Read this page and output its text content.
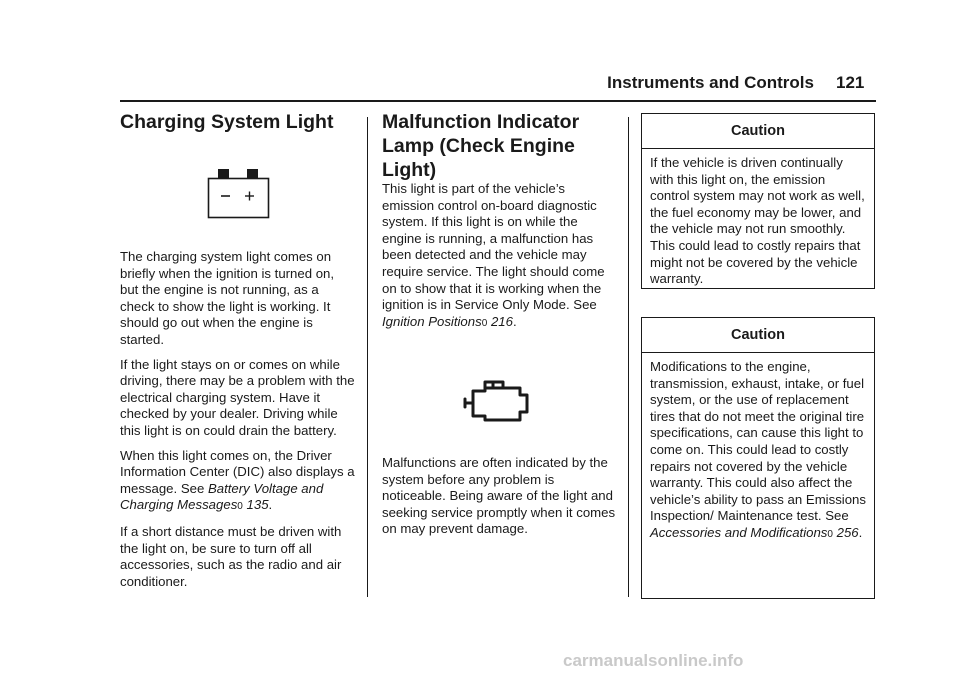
Instruments and Controls 121
Charging System Light

The charging system light comes on briefly when the ignition is turned on, but the engine is not running, as a check to show the light is working. It should go out when the engine is started.

If the light stays on or comes on while driving, there may be a problem with the electrical charging system. Have it checked by your dealer. Driving while this light is on could drain the battery.

When this light comes on, the Driver Information Center (DIC) also displays a message. See Battery Voltage and Charging Messages0 135.

If a short distance must be driven with the light on, be sure to turn off all accessories, such as the radio and air conditioner.

Malfunction Indicator Lamp (Check Engine Light)

This light is part of the vehicle’s emission control on-board diagnostic system. If this light is on while the engine is running, a malfunction has been detected and the vehicle may require service. The light should come on to show that it is working when the ignition is in Service Only Mode. See Ignition Positions0 216.

Malfunctions are often indicated by the system before any problem is noticeable. Being aware of the light and seeking service promptly when it comes on may prevent damage.

Caution
If the vehicle is driven continually with this light on, the emission control system may not work as well, the fuel economy may be lower, and the vehicle may not run smoothly. This could lead to costly repairs that might not be covered by the vehicle warranty.
Caution
Modifications to the engine, transmission, exhaust, intake, or fuel system, or the use of replacement tires that do not meet the original tire specifications, can cause this light to come on. This could lead to costly repairs not covered by the vehicle warranty. This could also affect the vehicle’s ability to pass an Emissions Inspection/ Maintenance test. See Accessories and Modifications0 256.
carmanualsonline.info
